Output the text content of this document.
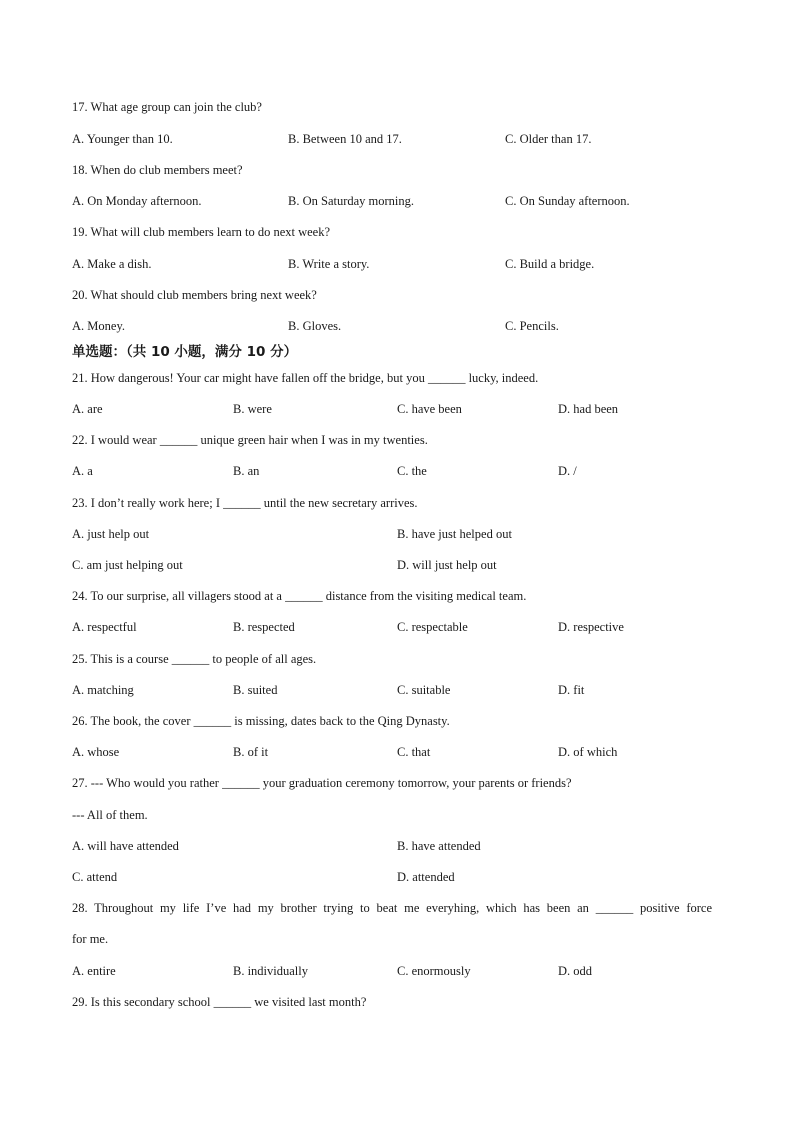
17. What age group can join the club?
A. Younger than 10.	B. Between 10 and 17.	C. Older than 17.
18. When do club members meet?
A. On Monday afternoon.	B. On Saturday morning.	C. On Sunday afternoon.
19. What will club members learn to do next week?
A. Make a dish.	B. Write a story.	C. Build a bridge.
20. What should club members bring next week?
A. Money.	B. Gloves.	C. Pencils.
单选题：（共 10 小题，满分 10 分）
21. How dangerous! Your car might have fallen off the bridge, but you ______ lucky, indeed.
A. are	B. were	C. have been	D. had been
22. I would wear ______ unique green hair when I was in my twenties.
A. a	B. an	C. the	D. /
23. I don’t really work here; I ______ until the new secretary arrives.
A. just help out	B. have just helped out
C. am just helping out	D. will just help out
24. To our surprise, all villagers stood at a ______ distance from the visiting medical team.
A. respectful	B. respected	C. respectable	D. respective
25. This is a course ______ to people of all ages.
A. matching	B. suited	C. suitable	D. fit
26. The book, the cover ______ is missing, dates back to the Qing Dynasty.
A. whose	B. of it	C. that	D. of which
27. --- Who would you rather ______ your graduation ceremony tomorrow, your parents or friends?
--- All of them.
A. will have attended	B. have attended
C. attend	D. attended
28. Throughout my life I’ve had my brother trying to beat me everyhing, which has been an ______ positive force
for me.
A. entire	B. individually	C. enormously	D. odd
29. Is this secondary school ______ we visited last month?
